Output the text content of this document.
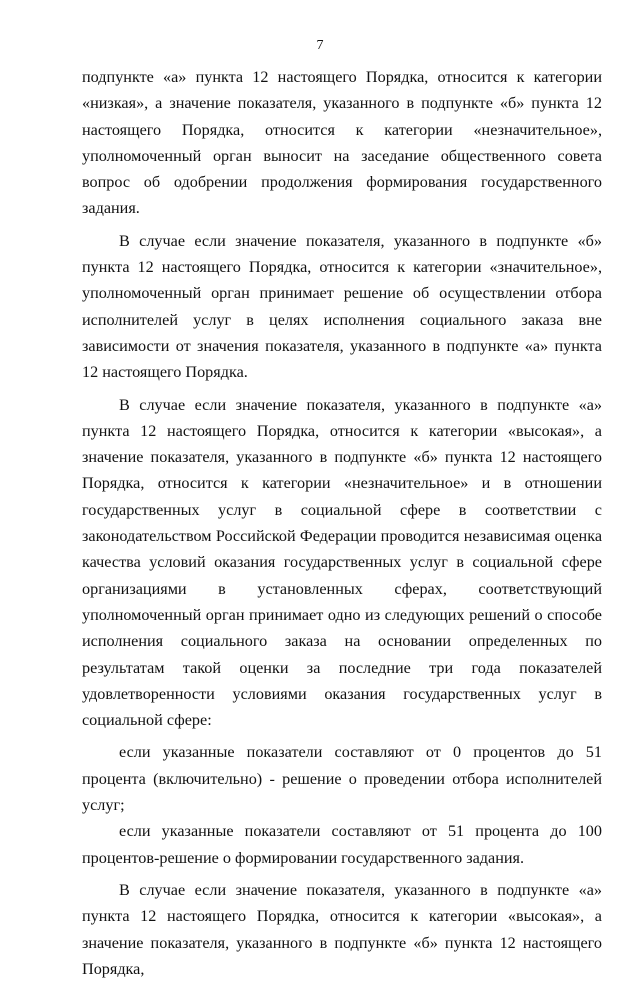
7

подпункте «а» пункта 12 настоящего Порядка, относится к категории «низкая», а значение показателя, указанного в подпункте «б» пункта 12 настоящего Порядка, относится к категории «незначительное», уполномоченный орган выносит на заседание общественного совета вопрос об одобрении продолжения формирования государственного задания.

В случае если значение показателя, указанного в подпункте «б» пункта 12 настоящего Порядка, относится к категории «значительное», уполномоченный орган принимает решение об осуществлении отбора исполнителей услуг в целях исполнения социального заказа вне зависимости от значения показателя, указанного в подпункте «а» пункта 12 настоящего Порядка.

В случае если значение показателя, указанного в подпункте «а» пункта 12 настоящего Порядка, относится к категории «высокая», а значение показателя, указанного в подпункте «б» пункта 12 настоящего Порядка, относится к категории «незначительное» и в отношении государственных услуг в социальной сфере в соответствии с законодательством Российской Федерации проводится независимая оценка качества условий оказания государственных услуг в социальной сфере организациями в установленных сферах, соответствующий уполномоченный орган принимает одно из следующих решений о способе исполнения социального заказа на основании определенных по результатам такой оценки за последние три года показателей удовлетворенности условиями оказания государственных услуг в социальной сфере:

если указанные показатели составляют от 0 процентов до 51 процента (включительно) - решение о проведении отбора исполнителей услуг;

если указанные показатели составляют от 51 процента до 100 процентов-решение о формировании государственного задания.

В случае если значение показателя, указанного в подпункте «а» пункта 12 настоящего Порядка, относится к категории «высокая», а значение показателя, указанного в подпункте «б» пункта 12 настоящего Порядка,
